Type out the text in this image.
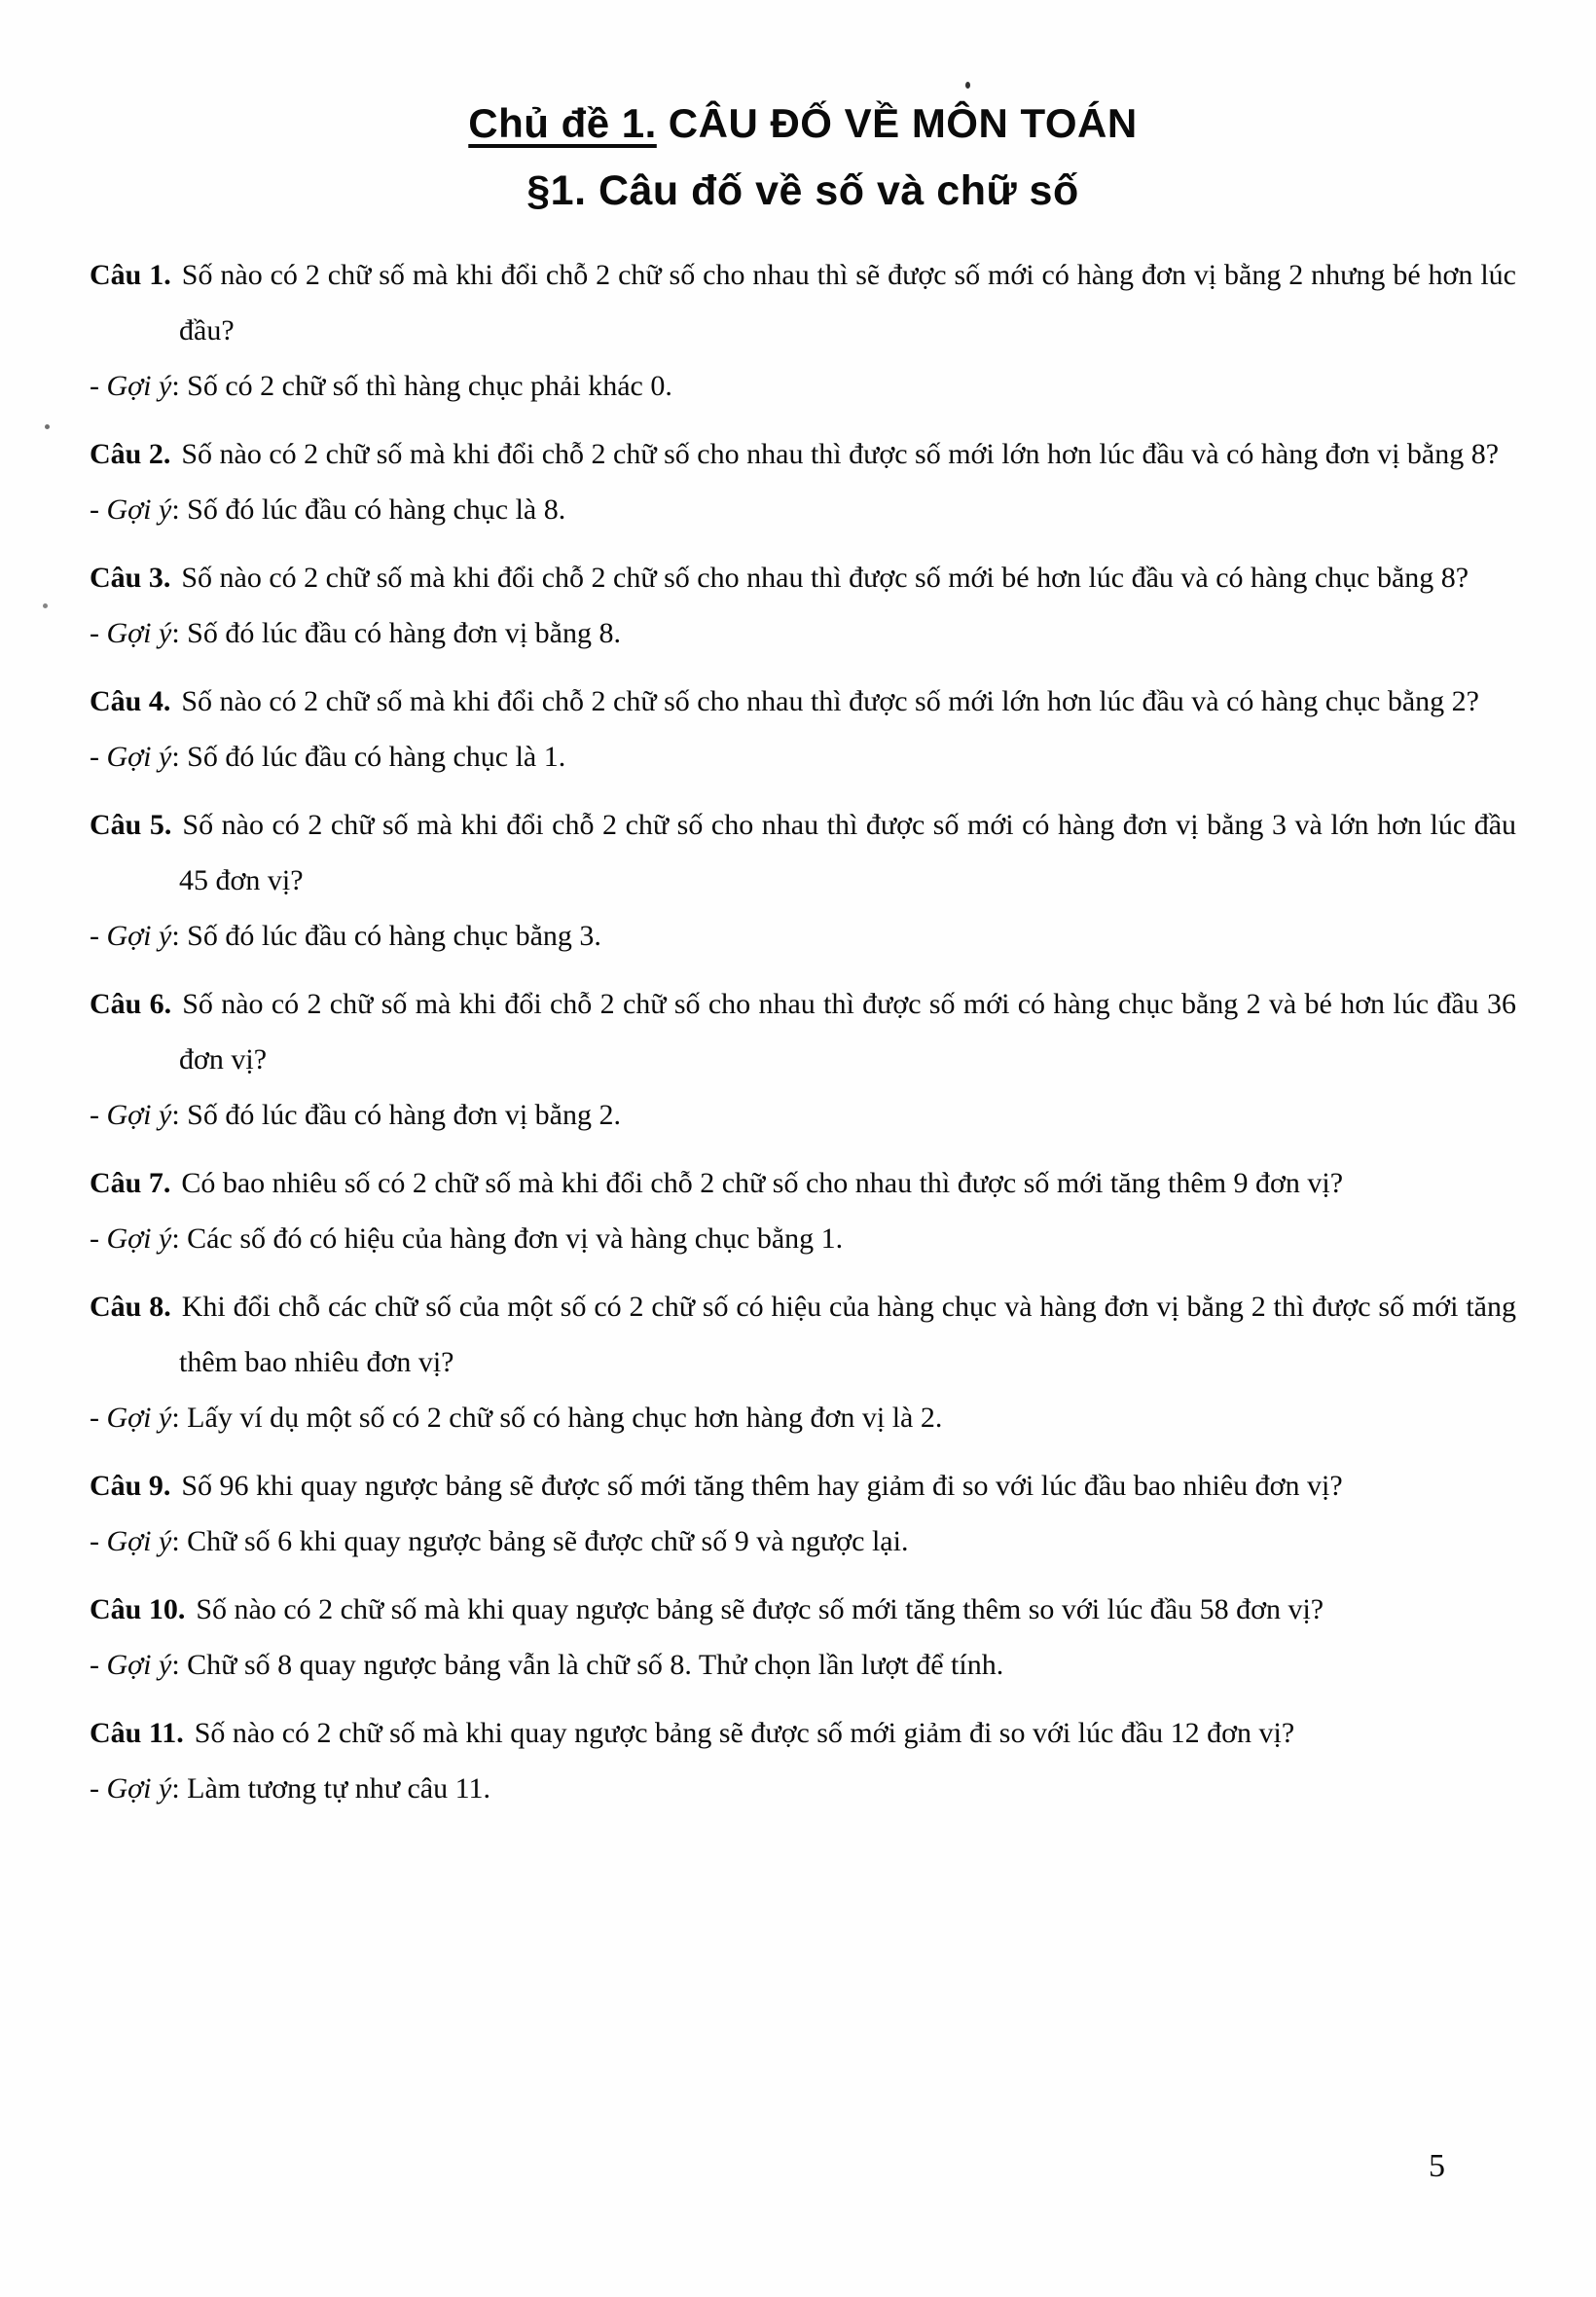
Chủ đề 1. CÂU ĐỐ VỀ MÔN TOÁN
§1. Câu đố về số và chữ số

Câu 1. Số nào có 2 chữ số mà khi đổi chỗ 2 chữ số cho nhau thì sẽ được số mới có hàng đơn vị bằng 2 nhưng bé hơn lúc đầu?

- Gợi ý: Số có 2 chữ số thì hàng chục phải khác 0.

Câu 2. Số nào có 2 chữ số mà khi đổi chỗ 2 chữ số cho nhau thì được số mới lớn hơn lúc đầu và có hàng đơn vị bằng 8?

- Gợi ý: Số đó lúc đầu có hàng chục là 8.

Câu 3. Số nào có 2 chữ số mà khi đổi chỗ 2 chữ số cho nhau thì được số mới bé hơn lúc đầu và có hàng chục bằng 8?

- Gợi ý: Số đó lúc đầu có hàng đơn vị bằng 8.

Câu 4. Số nào có 2 chữ số mà khi đổi chỗ 2 chữ số cho nhau thì được số mới lớn hơn lúc đầu và có hàng chục bằng 2?

- Gợi ý: Số đó lúc đầu có hàng chục là 1.

Câu 5. Số nào có 2 chữ số mà khi đổi chỗ 2 chữ số cho nhau thì được số mới có hàng đơn vị bằng 3 và lớn hơn lúc đầu 45 đơn vị?

- Gợi ý: Số đó lúc đầu có hàng chục bằng 3.

Câu 6. Số nào có 2 chữ số mà khi đổi chỗ 2 chữ số cho nhau thì được số mới có hàng chục bằng 2 và bé hơn lúc đầu 36 đơn vị?

- Gợi ý: Số đó lúc đầu có hàng đơn vị bằng 2.

Câu 7. Có bao nhiêu số có 2 chữ số mà khi đổi chỗ 2 chữ số cho nhau thì được số mới tăng thêm 9 đơn vị?

- Gợi ý: Các số đó có hiệu của hàng đơn vị và hàng chục bằng 1.

Câu 8. Khi đổi chỗ các chữ số của một số có 2 chữ số có hiệu của hàng chục và hàng đơn vị bằng 2 thì được số mới tăng thêm bao nhiêu đơn vị?

- Gợi ý: Lấy ví dụ một số có 2 chữ số có hàng chục hơn hàng đơn vị là 2.

Câu 9. Số 96 khi quay ngược bảng sẽ được số mới tăng thêm hay giảm đi so với lúc đầu bao nhiêu đơn vị?

- Gợi ý: Chữ số 6 khi quay ngược bảng sẽ được chữ số 9 và ngược lại.

Câu 10. Số nào có 2 chữ số mà khi quay ngược bảng sẽ được số mới tăng thêm so với lúc đầu 58 đơn vị?

- Gợi ý: Chữ số 8 quay ngược bảng vẫn là chữ số 8. Thử chọn lần lượt để tính.

Câu 11. Số nào có 2 chữ số mà khi quay ngược bảng sẽ được số mới giảm đi so với lúc đầu 12 đơn vị?

- Gợi ý: Làm tương tự như câu 11.

5
